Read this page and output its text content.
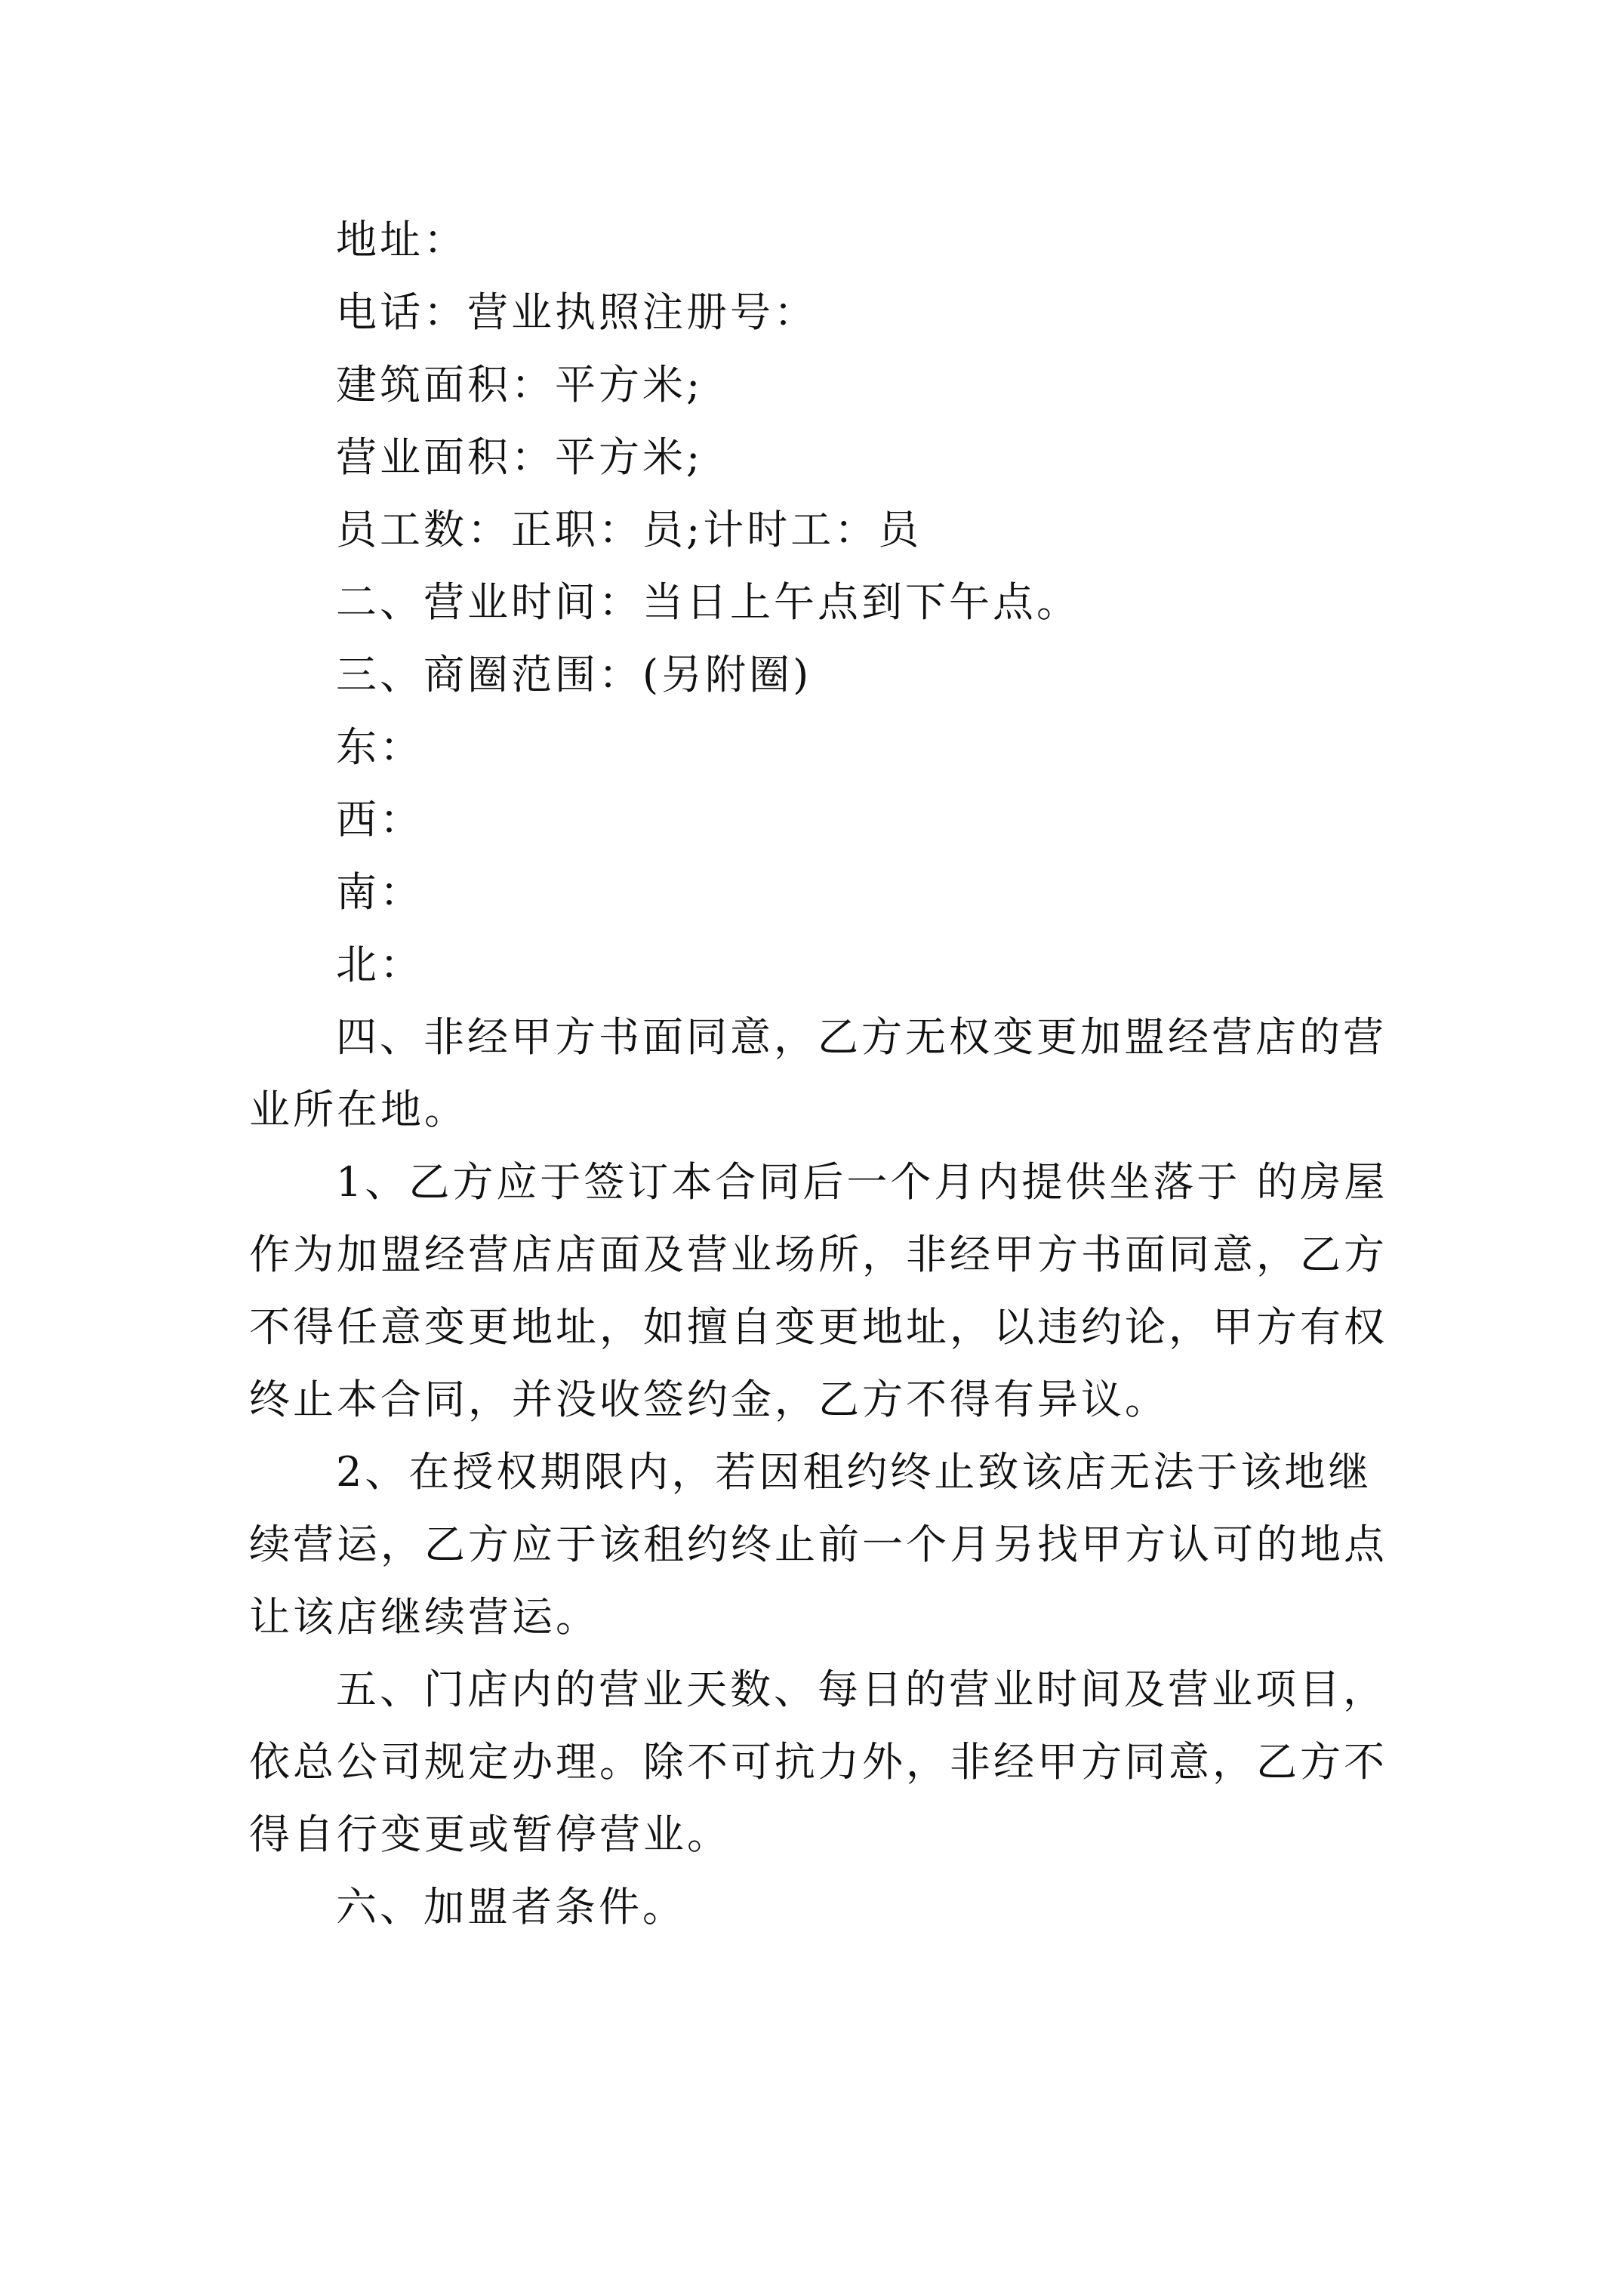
地址：
电话：营业执照注册号：
建筑面积：平方米;
营业面积：平方米;
员工数：正职：员;计时工：员
二、营业时间：当日上午点到下午点。
三、商圈范围：(另附圈)
东：
西：
南：
北：
四、非经甲方书面同意，乙方无权变更加盟经营店的营
业所在地。
1、乙方应于签订本合同后一个月内提供坐落于 的房屋
作为加盟经营店店面及营业场所，非经甲方书面同意，乙方
不得任意变更地址，如擅自变更地址，以违约论，甲方有权
终止本合同，并没收签约金，乙方不得有异议。
2、在授权期限内，若因租约终止致该店无法于该地继
续营运，乙方应于该租约终止前一个月另找甲方认可的地点
让该店继续营运。
五、门店内的营业天数、每日的营业时间及营业项目，
依总公司规定办理。除不可抗力外，非经甲方同意，乙方不
得自行变更或暂停营业。
六、加盟者条件。
